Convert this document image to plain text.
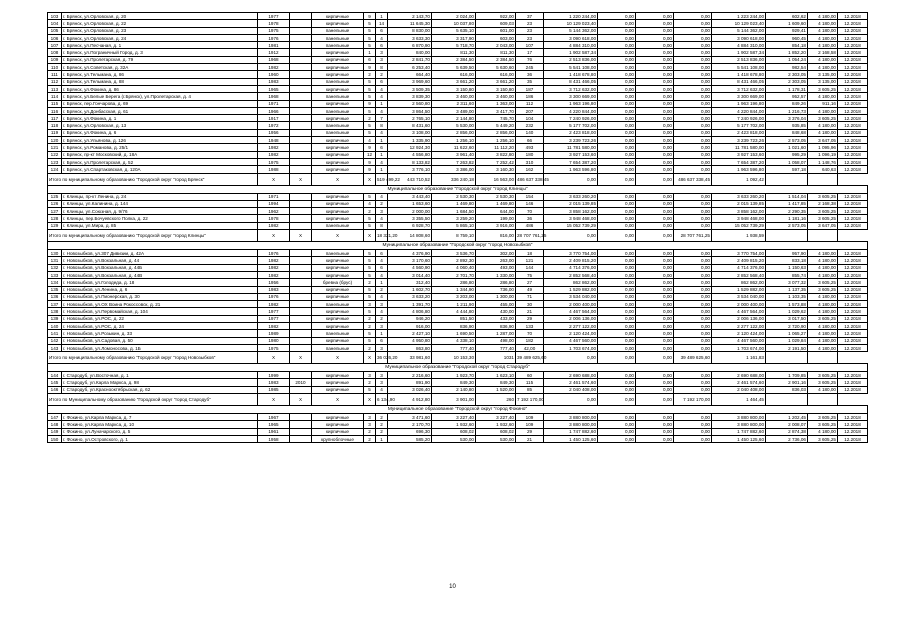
103	г. Брянск, ул.Орловская, д. 20	1977		кирпичные	9	1	2 143,70	2 024,00	922,00	37	1 220 244,00	0,00	0,00	0,00	1 223 244,00	602,62	4 180,00	12.2018
104	г. Брянск, ул.Орловская, д. 22	1978		кирпичные	5	14	11 645,30	10 037,80	609,03	23	10 129 023,40	0,00	0,00	0,00	10 129 023,40	1 609,60	4 180,00	12.2018
105	г. Брянск, ул.Орловская, д. 23	1975		панельные	5	6	8 830,00	5 635,10	601,00	23	5 144 362,00	0,00	0,00	0,00	5 144 362,00	929,41	4 180,00	12.2018
106	г. Брянск, ул.Орловская, д. 24	1976		панельные	5	4	3 633,30	3 317,90	603,00	23	3 090 618,00	0,00	0,00	0,00	3 090 618,00	960,45	4 180,00	12.2018
107	г. Брянск, ул.Песчаная, д. 1	1981		панельные	5	6	6 870,90	5 718,70	2 043,00	107	4 884 310,00	0,00	0,00	0,00	4 884 310,00	854,18	4 180,00	12.2018
108	г. Брянск, ул.Пограничный Город, д. 3	1912		кирпичные	1	3	840,00	811,30	811,30	17	1 902 587,34	0,00	0,00	0,00	1 902 587,34	1 852,20	2 168,58	12.2018
109	г. Брянск, ул.Пролетарская, д. 79	1968		кирпичные	6	3	2 841,70	2 384,50	2 384,50	76	2 513 836,00	0,00	0,00	0,00	2 513 836,00	1 054,24	4 180,00	12.2018
110	г. Брянск, ул.Советская, д. 32А	1982		кирпичные	9	8	6 253,40	5 639,50	5 630,60	245	5 541 108,00	0,00	0,00	0,00	5 541 108,00	982,54	4 180,00	12.2018
111	г. Брянск, ул.Тельмана, д. 86	1960		кирпичные	2	2	664,40	616,00	616,00	36	1 418 678,80	0,00	0,00	0,00	1 418 678,80	2 303,05	3 135,00	12.2018
112	г. Брянск, ул.Тельмана, д. 88	1983		панельные	5	6	3 969,60	3 661,20	3 661,20	35	8 431 466,05	0,00	0,00	0,00	8 431 466,05	2 303,05	3 135,00	12.2018
113	г. Брянск, ул.Фокина, д. 86	1965		кирпичные	5	4	3 509,35	3 150,80	3 150,80	187	3 712 632,00	0,00	0,00	0,00	3 712 632,00	1 178,31	3 605,25	12.2018
114	г. Брянск, ул.Белые Берега (г.Брянск), ул.Пролетарская, д. 4	1968		панельные	5	4	3 839,30	3 460,00	3 460,00	186	3 300 669,00	0,00	0,00	0,00	3 300 669,00	952,57	4 180,00	12.2018
115	г. Брянск, пер.Гончарова, д. 69	1971		кирпичные	9	1	2 560,80	2 311,60	1 363,00	112	1 963 196,80	0,00	0,00	0,00	1 963 196,80	849,26	911,16	12.2018
116	г. Брянск, ул.Донбасская, д. 61	1966		панельные	5	4	3 864,50	3 489,00	3 417,70	207	4 220 844,00	0,00	0,00	0,00	4 220 844,00	1 216,73	4 180,00	12.2018
117	г. Брянск, ул.Фокина, д. 1	1917		кирпичные	2	7	2 765,10	2 144,80	745,70	104	7 240 926,00	0,00	0,00	0,00	7 240 926,00	3 376,04	3 605,25	12.2018
118	г. Брянск, ул.Орловская, д. 13	1972		панельные	5	8	8 431,60	5 530,00	5 449,20	232	5 177 702,00	0,00	0,00	0,00	5 177 702,00	935,85	4 180,00	12.2018
119	г. Брянск, ул.Фокина, д. 6	1956		панельные	5	4	3 108,00	2 856,00	2 856,00	140	2 423 818,00	0,00	0,00	0,00	2 423 818,00	848,68	4 180,00	12.2018
120	г. Брянск, ул.Ульянова, д. 126	1948		кирпичные	4	1	1 335,90	1 256,10	1 256,10	66	3 239 723,26	0,00	0,00	0,00	3 239 723,26	2 573,05	3 647,05	12.2018
121	г. Брянск, ул.Романова, д. 25/1	1982		кирпичные	9	6	12 924,30	11 622,60	11 112,20	493	11 781 580,00	0,00	0,00	0,00	11 781 580,00	1 021,60	1 095,96	12.2018
122	г. Брянск, пр-кт Московский, д. 18А	1982		кирпичные	12	1	4 556,80	3 961,40	3 822,80	180	3 927 153,60	0,00	0,00	0,00	3 927 153,60	995,29	1 096,19	12.2018
123	г. Брянск, ул.Пролетарская, д. 52	1975		кирпичные	9	4	8 133,82	7 263,82	7 252,42	310	7 654 387,20	0,00	0,00	0,00	7 654 387,20	1 058,07	1 148,76	12.2018
124	г. Брянск, ул.Спартаковская, д. 120А	1988		кирпичные	9	1	3 776,10	3 386,00	3 160,30	162	1 963 596,80	0,00	0,00	0,00	1 963 596,80	597,18	640,63	12.2018
Итого по муниципальному образованию "Городской округ "город Брянск"		X	X	X	X	519 499,22	443 710,52	336 240,18	16 563,00	486 637 338,45	0,00	0,00	0,00	486 637 338,45	1 092,42			
Муниципальное образование "Городской округ "город Клинцы"																		
125	г. Клинцы, пр-кт Ленина, д. 24	1971		кирпичные	5	4	3 443,40	2 530,30	2 530,30	154	3 633 260,20	0,00	0,00	0,00	3 633 260,20	1 514,04	3 605,25	12.2018
126	г. Клинцы, ул.Калинина, д. 144	1994		кирпичные	4	2	1 653,60	1 469,80	1 469,80	146	2 015 139,85	0,00	0,00	0,00	2 015 139,85	1 417,85	2 168,38	12.2018
127	г. Клинцы, ул.Союзная, д. 9/76	1962		кирпичные	2	3	2 000,00	1 684,50	644,00	70	3 858 162,00	0,00	0,00	0,00	3 858 162,00	2 290,35	3 605,25	12.2018
128	г. Клинцы, пер.Бочуевского Полка, д. 22	1978		кирпичные	5	4	3 355,50	3 259,20	199,00	36	3 948 468,00	0,00	0,00	0,00	3 948 468,00	1 181,16	3 605,25	12.2018
129	г. Клинцы, ул.Мира, д. 85	1982		панельные	5	8	6 928,70	5 865,10	3 916,00	486	15 052 739,29	0,00	0,00	0,00	15 052 739,29	2 573,05	3 647,05	12.2018
Итого по муниципальному образованию "Городской округ "город Клинцы"		X	X	X	X	18 321,20	14 808,60	8 759,10	816,00	28 707 761,25	0,00	0,00	0,00	28 707 761,25	1 938,59			
Муниципальное образование "Городской округ "город Новозыбков"																		
130	г. Новозыбков, ул.307 Дивизии, д. 42А	1976		панельные	5	6	4 376,90	3 536,70	302,00	18	3 770 754,00	0,00	0,00	0,00	3 770 754,00	957,90	4 180,00	12.2018
131	г. Новозыбков, ул.Вокзальная, д. 44	1982		кирпичные	5	4	3 170,60	2 892,30	263,00	121	2 409 815,20	0,00	0,00	0,00	2 409 815,20	833,18	4 180,00	12.2018
132	г. Новозыбков, ул.Вокзальная, д. 44Б	1982		кирпичные	5	6	4 560,90	4 060,40	493,00	144	4 714 376,00	0,00	0,00	0,00	4 714 376,00	1 150,63	4 180,00	12.2018
133	г. Новозыбков, ул.Вокзальная, д. 44В	1982		кирпичные	5	4	3 014,40	2 701,70	1 330,00	75	2 852 568,40	0,00	0,00	0,00	2 852 568,40	855,74	4 180,00	12.2018
134	г. Новозыбков, ул.Голодеда, д. 18	1956		бревна (брус)	2	1	312,40	286,80	286,80	27	862 862,00	0,00	0,00	0,00	862 862,00	3 077,32	3 605,25	12.2018
135	г. Новозыбков, ул.Ленина, д. 6	1983		кирпичные	5	2	1 602,70	1 344,90	736,00	49	1 529 882,00	0,00	0,00	0,00	1 529 882,00	1 137,35	3 605,25	12.2018
136	г. Новозыбков, ул.Пионерская, д. 30	1976		кирпичные	5	4	3 633,20	3 203,00	1 300,00	71	3 534 040,00	0,00	0,00	0,00	3 534 040,00	1 103,35	4 180,00	12.2018
137	г. Новозыбков, ул.ОХ Воина Рокоссовск, д. 21	1982		панельные	3	3	1 391,70	1 211,90	455,00	30	2 000 400,00	0,00	0,00	0,00	2 000 400,00	1 573,88	4 180,00	12.2018
138	г. Новозыбков, ул.Первомайская, д. 104	1977		кирпичные	5	4	4 806,80	4 444,80	430,00	21	4 467 564,00	0,00	0,00	0,00	4 467 564,00	1 029,62	4 180,00	12.2018
139	г. Новозыбков, ул.РОС, д. 22	1977		кирпичные	2	2	946,20	851,50	433,00	29	2 006 136,00	0,00	0,00	0,00	2 006 136,00	3 017,50	3 605,25	12.2018
140	г. Новозыбков, ул.РОС, д. 24	1982		кирпичные	2	3	916,00	836,90	836,90	133	2 277 122,00	0,00	0,00	0,00	2 277 122,00	2 720,90	4 180,00	12.2018
141	г. Новозыбков, ул.Розыкин, д. 33	1989		панельные	5	1	2 427,10	1 690,50	1 287,00	70	2 120 424,00	0,00	0,00	0,00	2 120 424,00	1 065,27	4 180,00	12.2018
142	г. Новозыбков, ул.Садовая, д. 50	1980		кирпичные	5	6	4 950,80	4 338,10	498,00	182	4 467 560,00	0,00	0,00	0,00	4 467 560,00	1 029,84	4 180,00	12.2018
143	г. Новозыбков, ул.Ломоносова, д. 1Б	1975		панельные	2	3	863,80	777,40	777,40	42,00	1 703 674,00	0,00	0,00	0,00	1 703 674,00	2 191,50	4 180,00	12.2018
Итого по муниципальному образованию "Городской округ "город Новозыбков"		X	X	X	X	36 026,20	33 981,60	10 153,30	1031	39 489 625,60	0,00	0,00	0,00	39 489 625,60	1 161,83			
Муниципальное образование "Городской округ "город Стародуб"																		
144	г. Стародуб, ул.Восточная, д. 1	1999		кирпичные	3	3	2 216,60	1 923,70	1 623,10	60	2 690 688,00	0,00	0,00	0,00	2 690 688,00	1 709,85	3 605,25	12.2018
145	г. Стародуб, ул.Карла Маркса, д. 98	1983	2010	кирпичные	2	3	891,90	849,30	849,30	115	2 461 574,60	0,00	0,00	0,00	2 461 574,60	2 901,16	3 605,25	12.2018
146	г. Стародуб, ул.Краснооктябрьская, д. 62	1985		кирпичные	5	4	3 026,40	2 140,80	1 520,00	85	2 040 408,00	0,00	0,00	0,00	2 040 408,00	836,03	4 180,00	12.2018
Итого по Муниципальному образованию "Городской округ "город Стародуб"		X	X	X	X	6 134,90	4 912,80	3 901,00	260	7 192 170,00	0,00	0,00	0,00	7 192 170,00	1 464,45			
Муниципальное образование "Городской округ "город Фокино"																		
147	г. Фокино, ул.Карла Маркса, д. 7	1967		кирпичные	3	2	3 471,60	3 227,40	3 227,40	109	3 880 800,00	0,00	0,00	0,00	3 880 800,00	1 202,45	3 605,25	12.2018
148	г. Фокино, ул.Карла Маркса, д. 10	1965		кирпичные	3	2	2 170,70	1 932,60	1 932,60	109	3 880 800,00	0,00	0,00	0,00	3 880 800,00	2 008,07	3 605,25	12.2018
149	г. Фокино, ул.Луначарского, д. 5	1961		кирпичные	2	2	696,30	608,02	608,02	29	1 747 882,60	0,00	0,00	0,00	1 747 882,60	2 874,38	4 180,00	12.2018
150	г. Фокино, ул.Островского, д. 1	1958		крупноблочные	2	1	585,20	530,00	530,00	21	1 450 125,60	0,00	0,00	0,00	1 450 125,60	2 736,06	3 605,25	12.2018
10
